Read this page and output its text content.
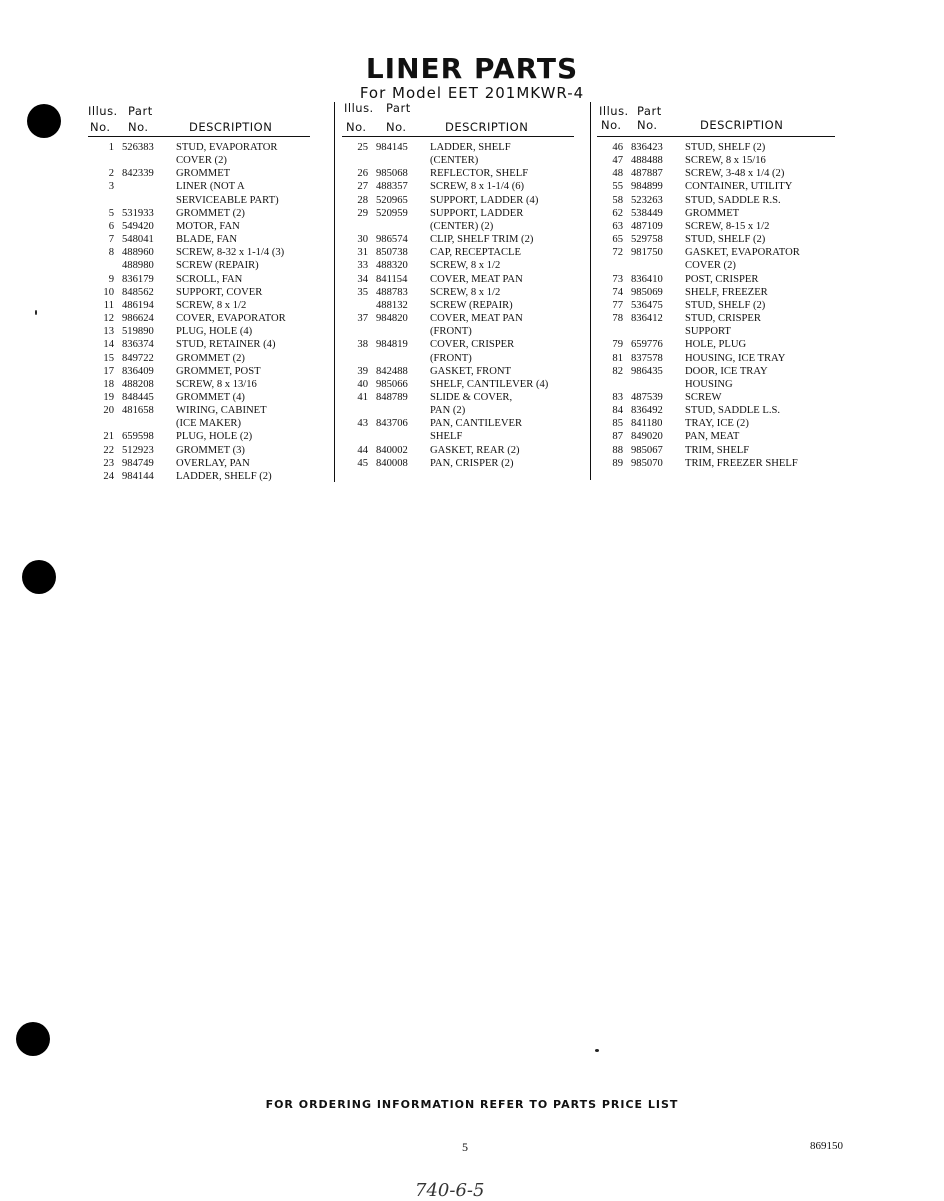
LINER PARTS
For Model EET 201MKWR-4
Illus. Part
No. No.	DESCRIPTION
1 526383	STUD, EVAPORATOR
COVER (2)
2 842339	GROMMET
3	LINER (NOT A
SERVICEABLE PART)
5 531933	GROMMET (2)
6 549420	MOTOR, FAN
7 548041	BLADE, FAN
8 488960	SCREW, 8-32 x 1-1/4 (3)
488980	SCREW (REPAIR)
9 836179	SCROLL, FAN
10 848562	SUPPORT, COVER
11 486194	SCREW, 8 x 1/2
12 986624	COVER, EVAPORATOR
13 519890	PLUG, HOLE (4)
14 836374	STUD, RETAINER (4)
15 849722	GROMMET (2)
17 836409	GROMMET, POST
18 488208	SCREW, 8 x 13/16
19 848445	GROMMET (4)
20 481658	WIRING, CABINET
(ICE MAKER)
21 659598	PLUG, HOLE (2)
22 512923	GROMMET (3)
23 984749	OVERLAY, PAN
24 984144	LADDER, SHELF (2)
Illus. Part
No. No.	DESCRIPTION
25 984145	LADDER, SHELF
(CENTER)
26 985068	REFLECTOR, SHELF
27 488357	SCREW, 8 x 1-1/4 (6)
28 520965	SUPPORT, LADDER (4)
29 520959	SUPPORT, LADDER
(CENTER) (2)
30 986574	CLIP, SHELF TRIM (2)
31 850738	CAP, RECEPTACLE
33 488320	SCREW, 8 x 1/2
34 841154	COVER, MEAT PAN
35 488783	SCREW, 8 x 1/2
488132	SCREW (REPAIR)
37 984820	COVER, MEAT PAN
(FRONT)
38 984819	COVER, CRISPER
(FRONT)
39 842488	GASKET, FRONT
40 985066	SHELF, CANTILEVER (4)
41 848789	SLIDE & COVER,
PAN (2)
43 843706	PAN, CANTILEVER
SHELF
44 840002	GASKET, REAR (2)
45 840008	PAN, CRISPER (2)
Illus. Part
No. No.	DESCRIPTION
46 836423	STUD, SHELF (2)
47 488488	SCREW, 8 x 15/16
48 487887	SCREW, 3-48 x 1/4 (2)
55 984899	CONTAINER, UTILITY
58 523263	STUD, SADDLE R.S.
62 538449	GROMMET
63 487109	SCREW, 8-15 x 1/2
65 529758	STUD, SHELF (2)
72 981750	GASKET, EVAPORATOR
COVER (2)
73 836410	POST, CRISPER
74 985069	SHELF, FREEZER
77 536475	STUD, SHELF (2)
78 836412	STUD, CRISPER
SUPPORT
79 659776	HOLE, PLUG
81 837578	HOUSING, ICE TRAY
82 986435	DOOR, ICE TRAY
HOUSING
83 487539	SCREW
84 836492	STUD, SADDLE L.S.
85 841180	TRAY, ICE (2)
87 849020	PAN, MEAT
88 985067	TRIM, SHELF
89 985070	TRIM, FREEZER SHELF
FOR ORDERING INFORMATION REFER TO PARTS PRICE LIST
5	869150
740-6-5
